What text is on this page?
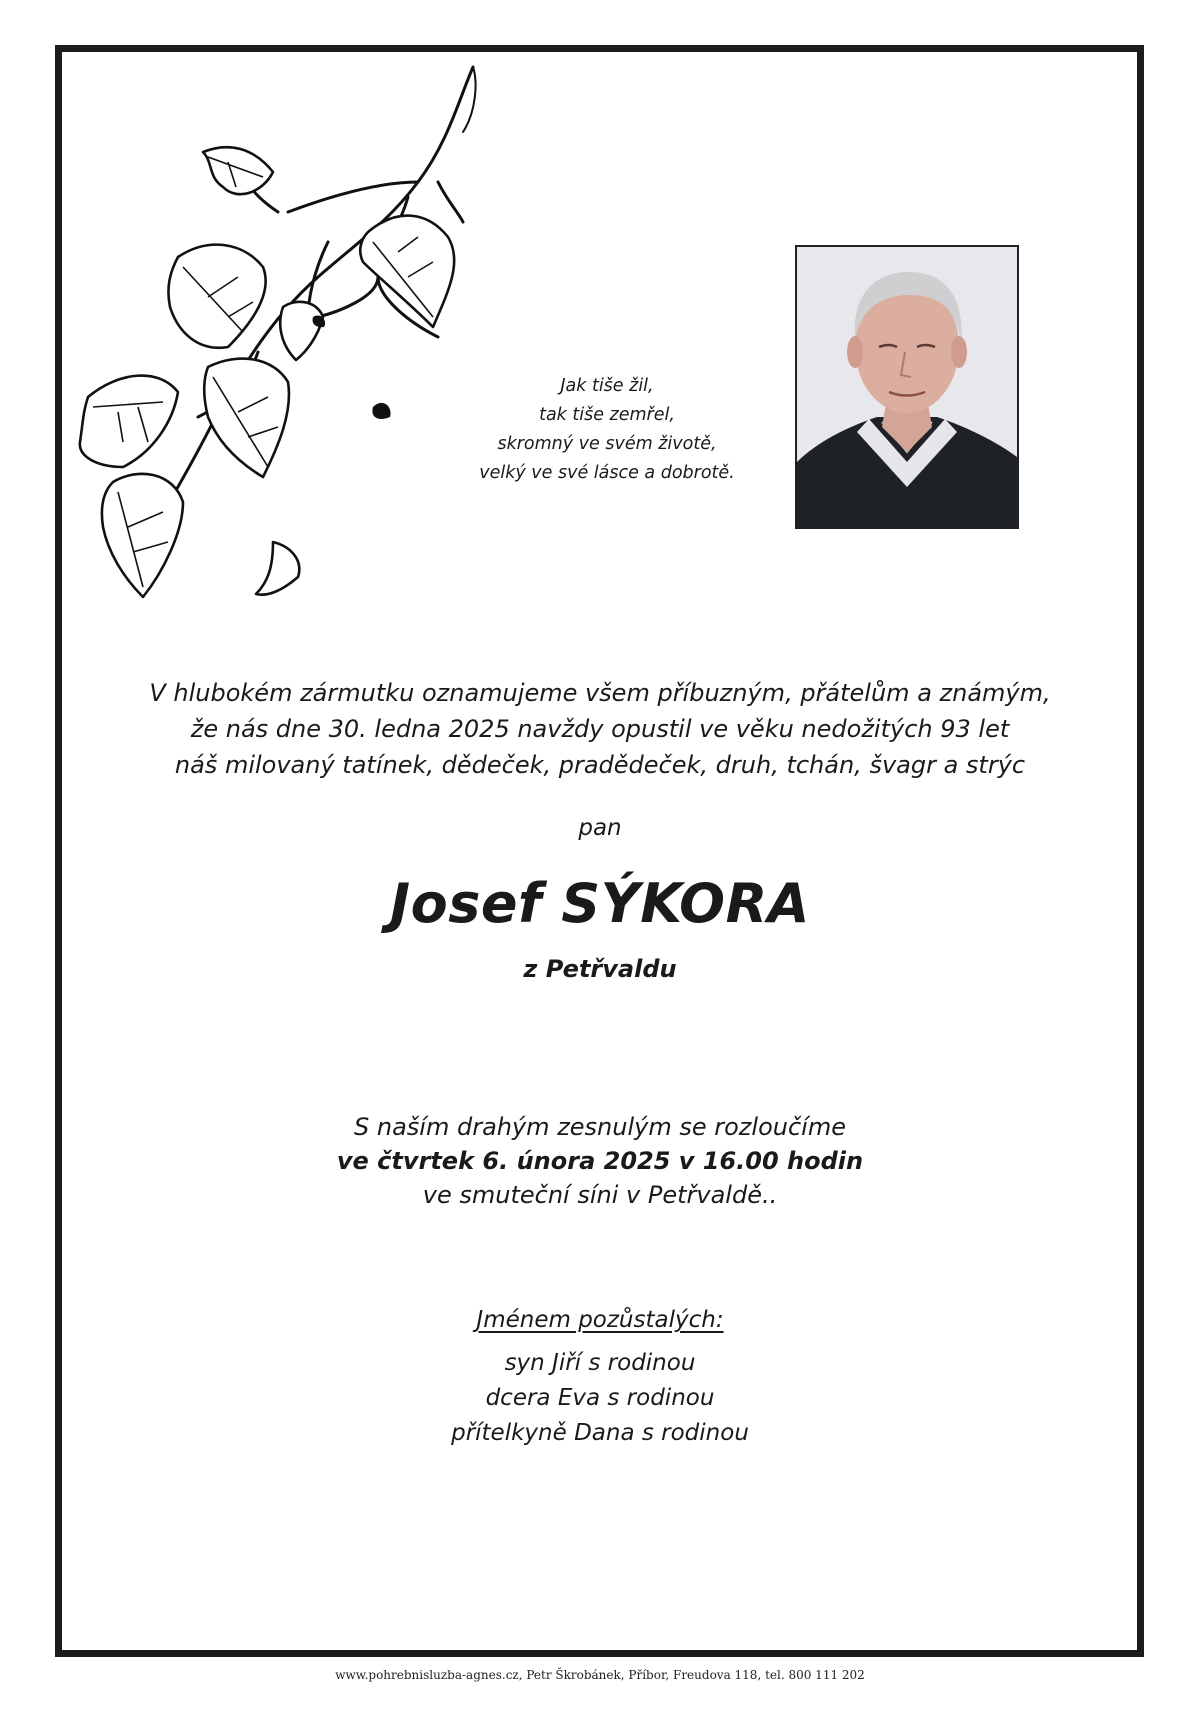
Jak tiše žil,
tak tiše zemřel,
skromný ve svém životě,
velký ve své lásce a dobrotě.
V hlubokém zármutku oznamujeme všem příbuzným, přátelům a známým,
že nás dne 30. ledna 2025 navždy opustil ve věku nedožitých 93 let
náš milovaný tatínek, dědeček, pradědeček, druh, tchán, švagr a strýc
pan
Josef SÝKORA
z Petřvaldu
S naším drahým zesnulým se rozloučíme
ve čtvrtek 6. února 2025 v 16.00 hodin
ve smuteční síni v Petřvaldě..
Jménem pozůstalých:
syn Jiří s rodinou
dcera Eva s rodinou
přítelkyně Dana s rodinou
www.pohrebnisluzba-agnes.cz, Petr Škrobánek, Příbor, Freudova 118, tel. 800 111 202
